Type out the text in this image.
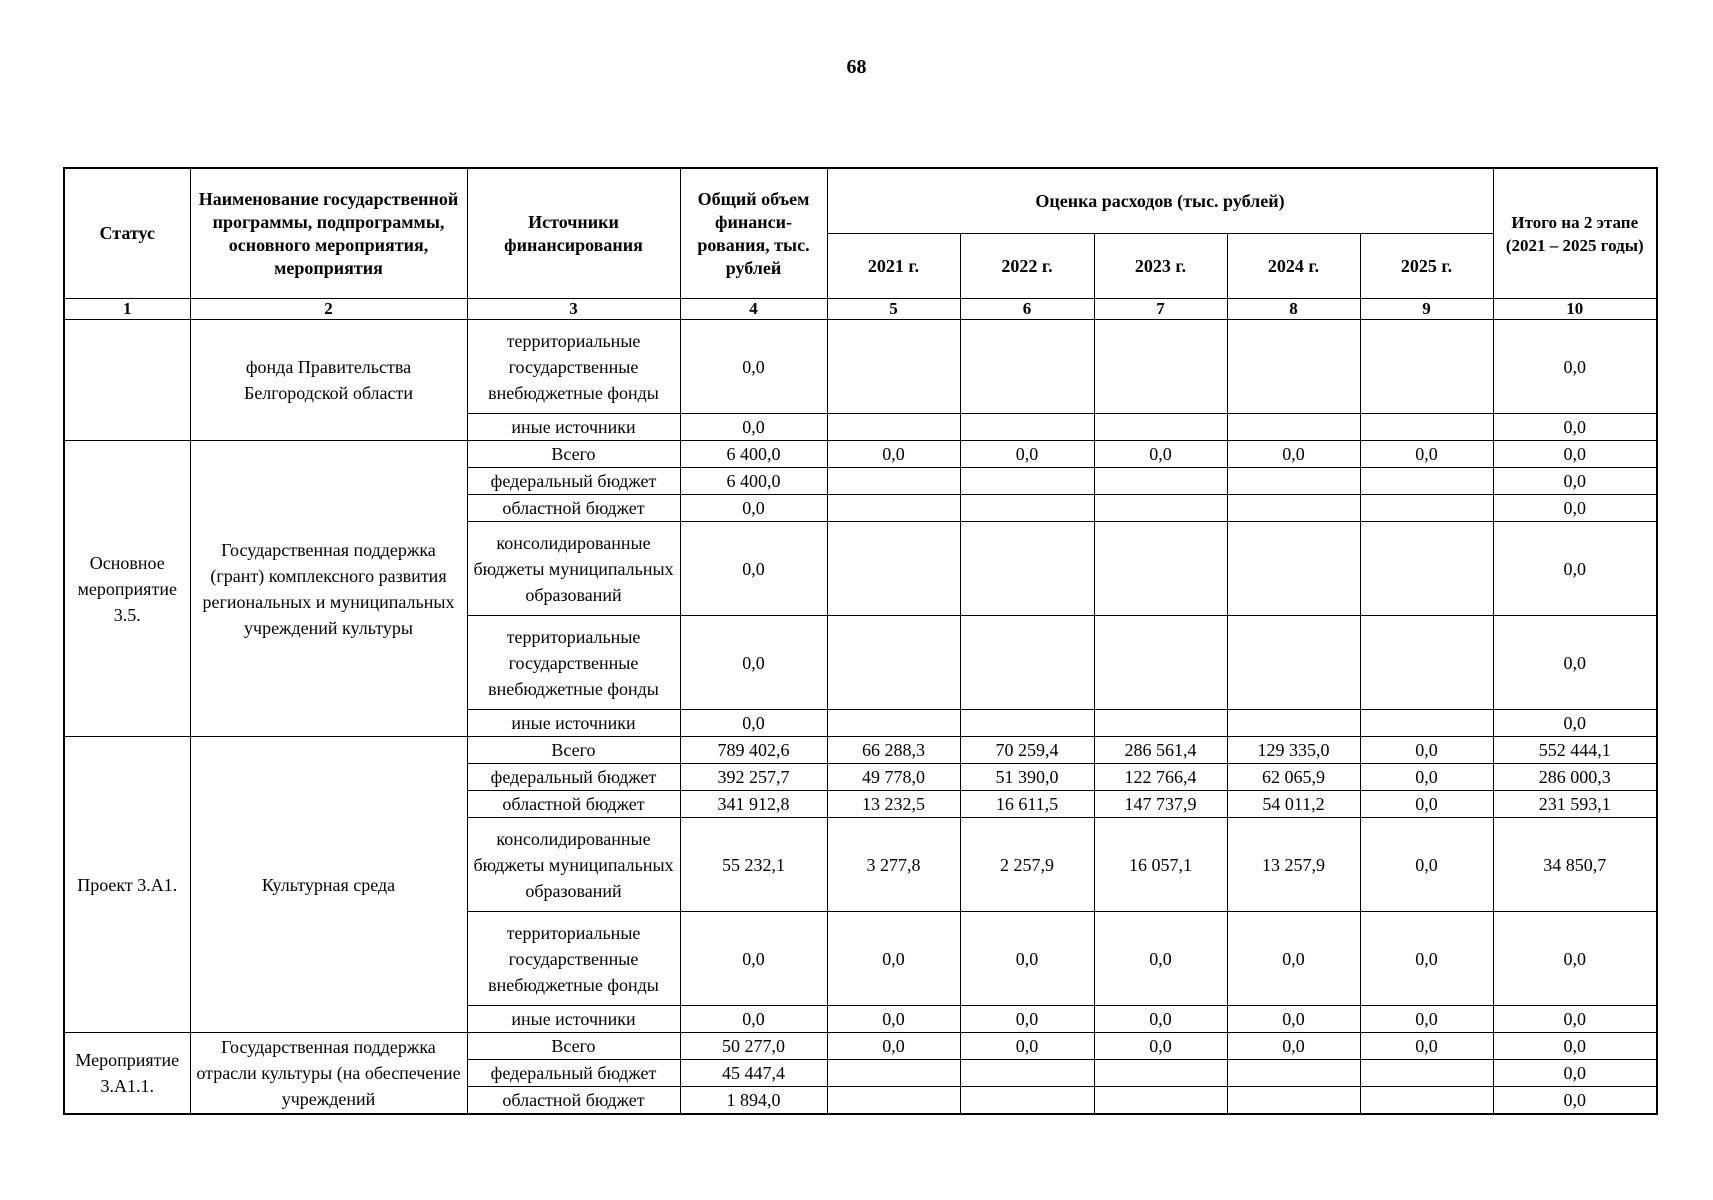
68
Статус	Наименование государственной программы, подпрограммы, основного мероприятия, мероприятия	Источники финансирования	Общий объем финанси-рования, тыс. рублей	Оценка расходов (тыс. рублей)					Итого на 2 этапе (2021 – 2025 годы)
				2021 г.	2022 г.	2023 г.	2024 г.	2025 г.	
1	2	3	4	5	6	7	8	9	10
	фонда Правительства Белгородской области	территориальные государственные внебюджетные фонды	0,0						0,0
		иные источники	0,0						0,0
Основное мероприятие 3.5.	Государственная поддержка (грант) комплексного развития региональных и муниципальных учреждений культуры	Всего	6 400,0	0,0	0,0	0,0	0,0	0,0	0,0
		федеральный бюджет	6 400,0						0,0
		областной бюджет	0,0						0,0
		консолидированные бюджеты муниципальных образований	0,0						0,0
		территориальные государственные внебюджетные фонды	0,0						0,0
		иные источники	0,0						0,0
Проект 3.А1.	Культурная среда	Всего	789 402,6	66 288,3	70 259,4	286 561,4	129 335,0	0,0	552 444,1
		федеральный бюджет	392 257,7	49 778,0	51 390,0	122 766,4	62 065,9	0,0	286 000,3
		областной бюджет	341 912,8	13 232,5	16 611,5	147 737,9	54 011,2	0,0	231 593,1
		консолидированные бюджеты муниципальных образований	55 232,1	3 277,8	2 257,9	16 057,1	13 257,9	0,0	34 850,7
		территориальные государственные внебюджетные фонды	0,0	0,0	0,0	0,0	0,0	0,0	0,0
		иные источники	0,0	0,0	0,0	0,0	0,0	0,0	0,0
Мероприятие 3.А1.1.	Государственная поддержка отрасли культуры (на обеспечение учреждений	Всего	50 277,0	0,0	0,0	0,0	0,0	0,0	0,0
		федеральный бюджет	45 447,4						0,0
		областной бюджет	1 894,0						0,0
